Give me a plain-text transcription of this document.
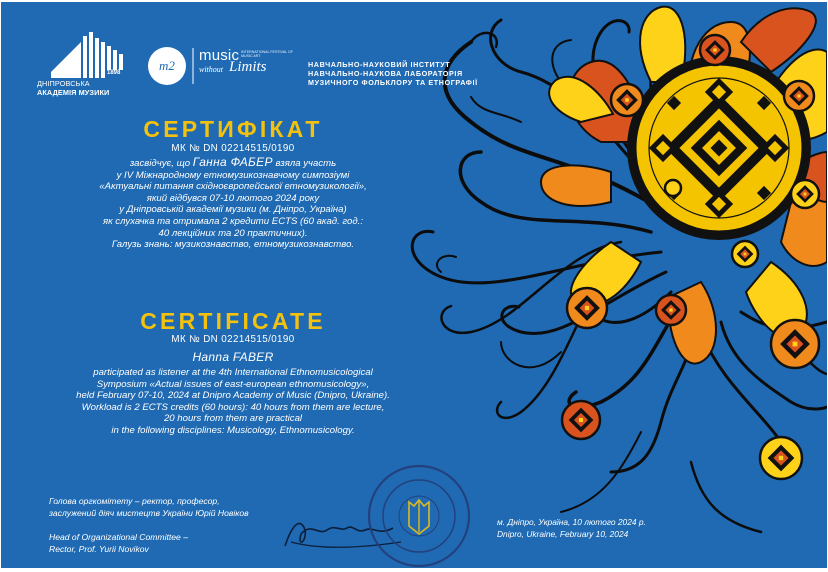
m2
1898
ДНІПРОВСЬКА
АКАДЕМІЯ МУЗИКИ
music INTERNATIONAL FESTIVAL OF MUSIC ART
without Limits	НАВЧАЛЬНО-НАУКОВИЙ ІНСТИТУТ
НАВЧАЛЬНО-НАУКОВА ЛАБОРАТОРІЯ
МУЗИЧНОГО ФОЛЬКЛОРУ ТА ЕТНОГРАФІЇ
СЕРТИФІКАТ
МК № DN 02214515/0190
засвідчує, що Ганна ФАБЕР взяла участь
у IV Міжнародному етномузикознавчому симпозіумі
«Актуальні питання східноєвропейської етномузикології»,
який відбувся 07-10 лютого 2024 року
у Дніпровській академії музики (м. Дніпро, Україна)
як слухачка та отримала 2 кредити ECTS (60 акад. год.:
40 лекційних та 20 практичних).
Галузь знань: музикознавство, етномузикознавство.
CERTIFICATE
МК № DN 02214515/0190
Hanna FABER
participated as listener at the 4th International Ethnomusicological
Symposium «Actual issues of east-european ethnomusicology»,
held February 07-10, 2024 at Dnipro Academy of Music (Dnipro, Ukraine).
Workload is 2 ECTS credits (60 hours): 40 hours from them are lecture,
20 hours from them are practical
in the following disciplines: Musicology, Ethnomusicology.
Голова оргкомітету – ректор, професор,
заслужений діяч мистецтв України Юрій Новіков
Head of Organizational Committee –
Rector, Prof. Yurii Novikov
м. Дніпро, Україна, 10 лютого 2024 р.
Dnipro, Ukraine, February 10, 2024
